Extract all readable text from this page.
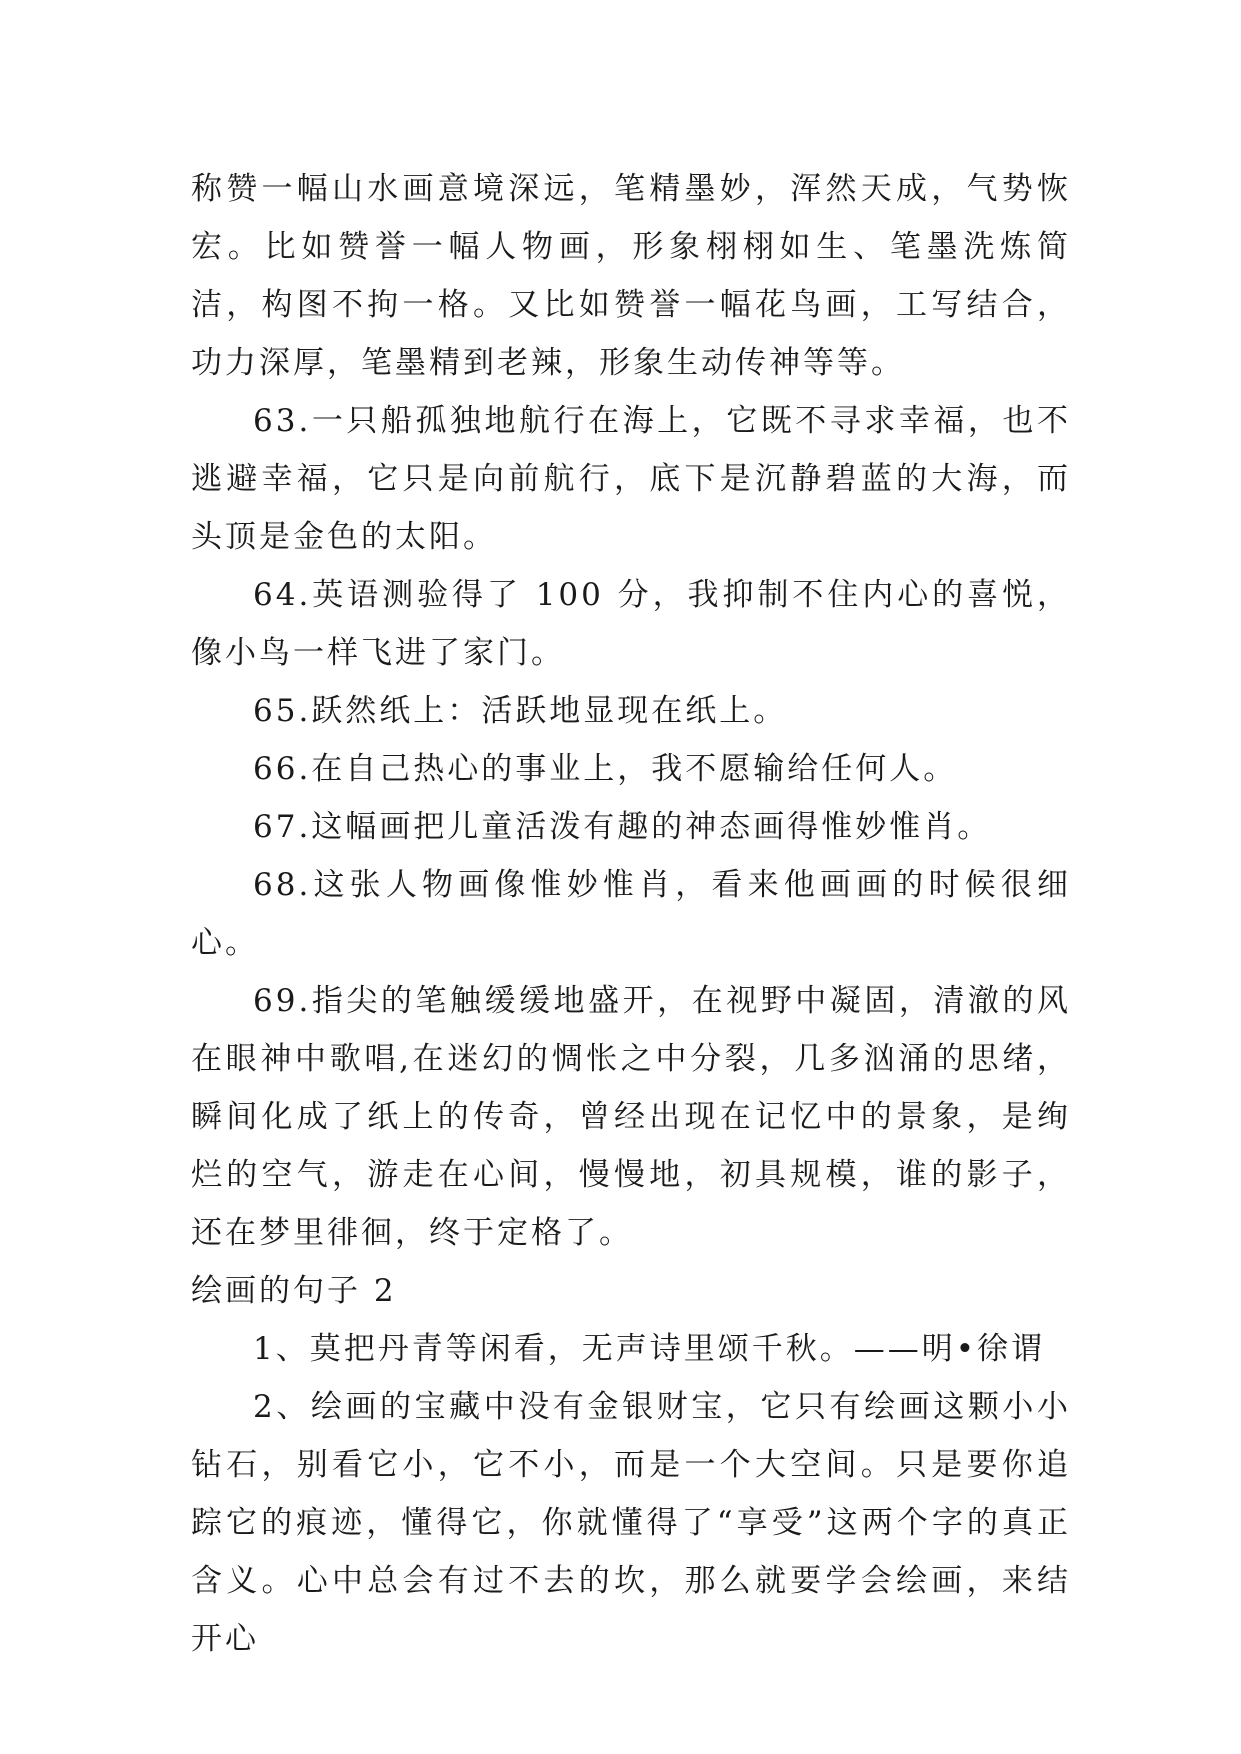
称赞一幅山水画意境深远，笔精墨妙，浑然天成，气势恢宏。比如赞誉一幅人物画，形象栩栩如生、笔墨洗炼简洁，构图不拘一格。又比如赞誉一幅花鸟画，工写结合，功力深厚，笔墨精到老辣，形象生动传神等等。

63.一只船孤独地航行在海上，它既不寻求幸福，也不逃避幸福，它只是向前航行，底下是沉静碧蓝的大海，而头顶是金色的太阳。

64.英语测验得了 100 分，我抑制不住内心的喜悦，像小鸟一样飞进了家门。

65.跃然纸上：活跃地显现在纸上。

66.在自己热心的事业上，我不愿输给任何人。

67.这幅画把儿童活泼有趣的神态画得惟妙惟肖。

68.这张人物画像惟妙惟肖，看来他画画的时候很细心。

69.指尖的笔触缓缓地盛开，在视野中凝固，清澈的风在眼神中歌唱,在迷幻的惆怅之中分裂，几多汹涌的思绪，瞬间化成了纸上的传奇，曾经出现在记忆中的景象，是绚烂的空气，游走在心间，慢慢地，初具规模，谁的影子，还在梦里徘徊，终于定格了。

绘画的句子 2

1、莫把丹青等闲看，无声诗里颂千秋。——明•徐谓

2、绘画的宝藏中没有金银财宝，它只有绘画这颗小小钻石，别看它小，它不小，而是一个大空间。只是要你追踪它的痕迹，懂得它，你就懂得了“享受”这两个字的真正含义。心中总会有过不去的坎，那么就要学会绘画，来结开心
